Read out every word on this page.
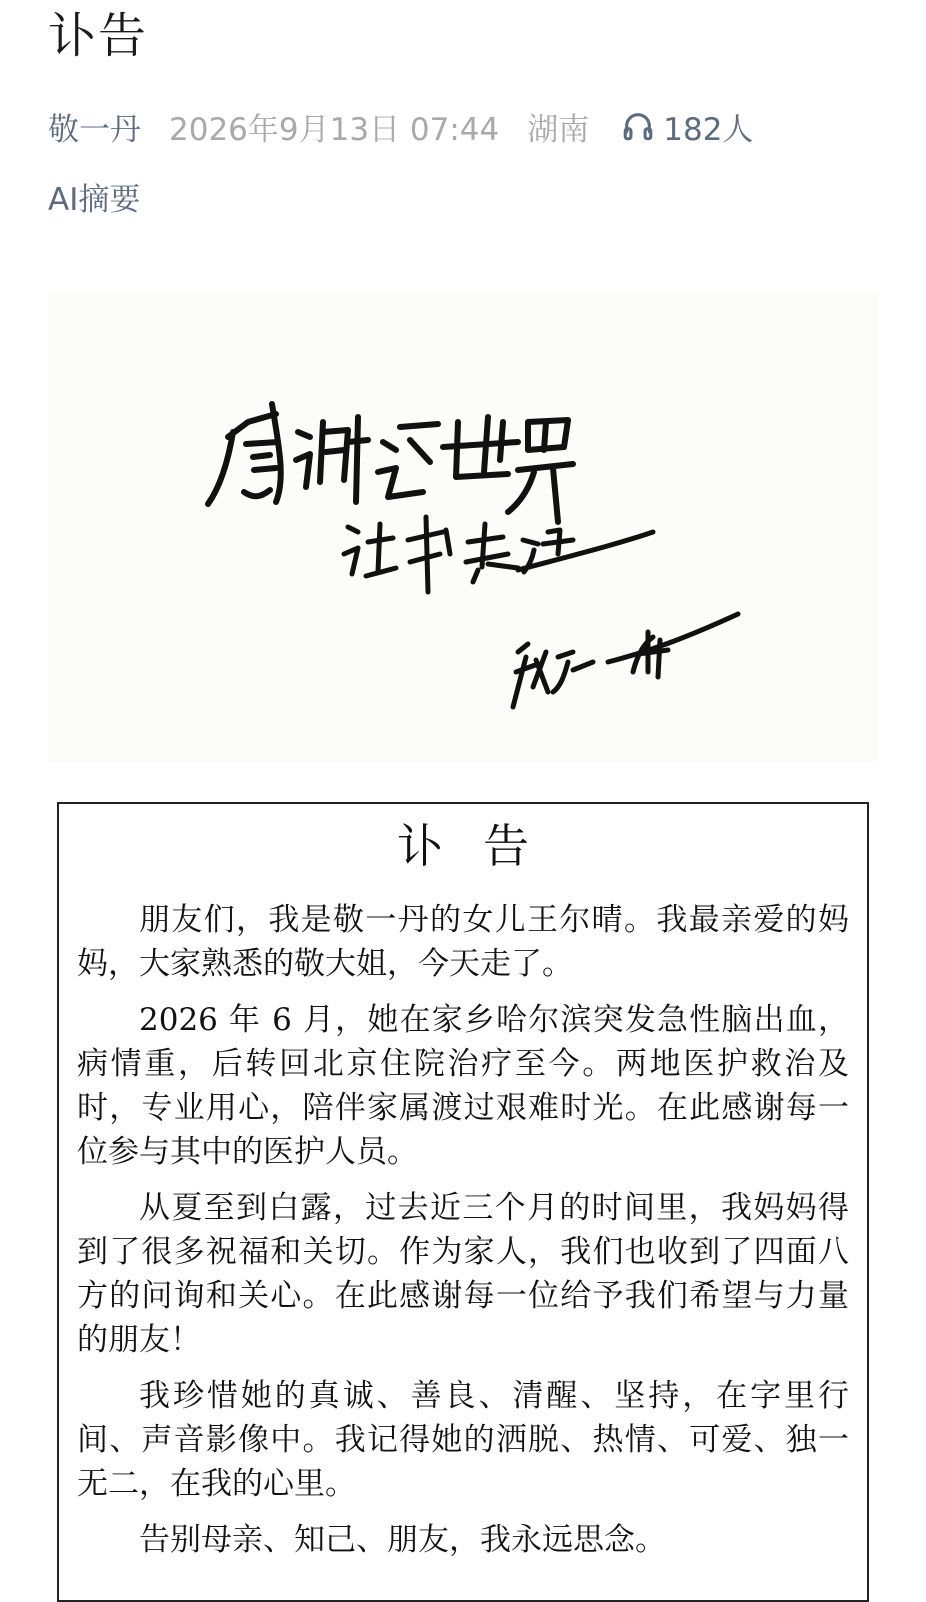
讣告
敬一丹 2026年9月13日 07:44 湖南 182人
AI摘要
讣告

朋友们，我是敬一丹的女儿王尔晴。我最亲爱的妈妈，大家熟悉的敬大姐，今天走了。

2026 年 6 月，她在家乡哈尔滨突发急性脑出血，病情重，后转回北京住院治疗至今。两地医护救治及时，专业用心，陪伴家属渡过艰难时光。在此感谢每一位参与其中的医护人员。

从夏至到白露，过去近三个月的时间里，我妈妈得到了很多祝福和关切。作为家人，我们也收到了四面八方的问询和关心。在此感谢每一位给予我们希望与力量的朋友！

我珍惜她的真诚、善良、清醒、坚持，在字里行间、声音影像中。我记得她的洒脱、热情、可爱、独一无二，在我的心里。

告别母亲、知己、朋友，我永远思念。
